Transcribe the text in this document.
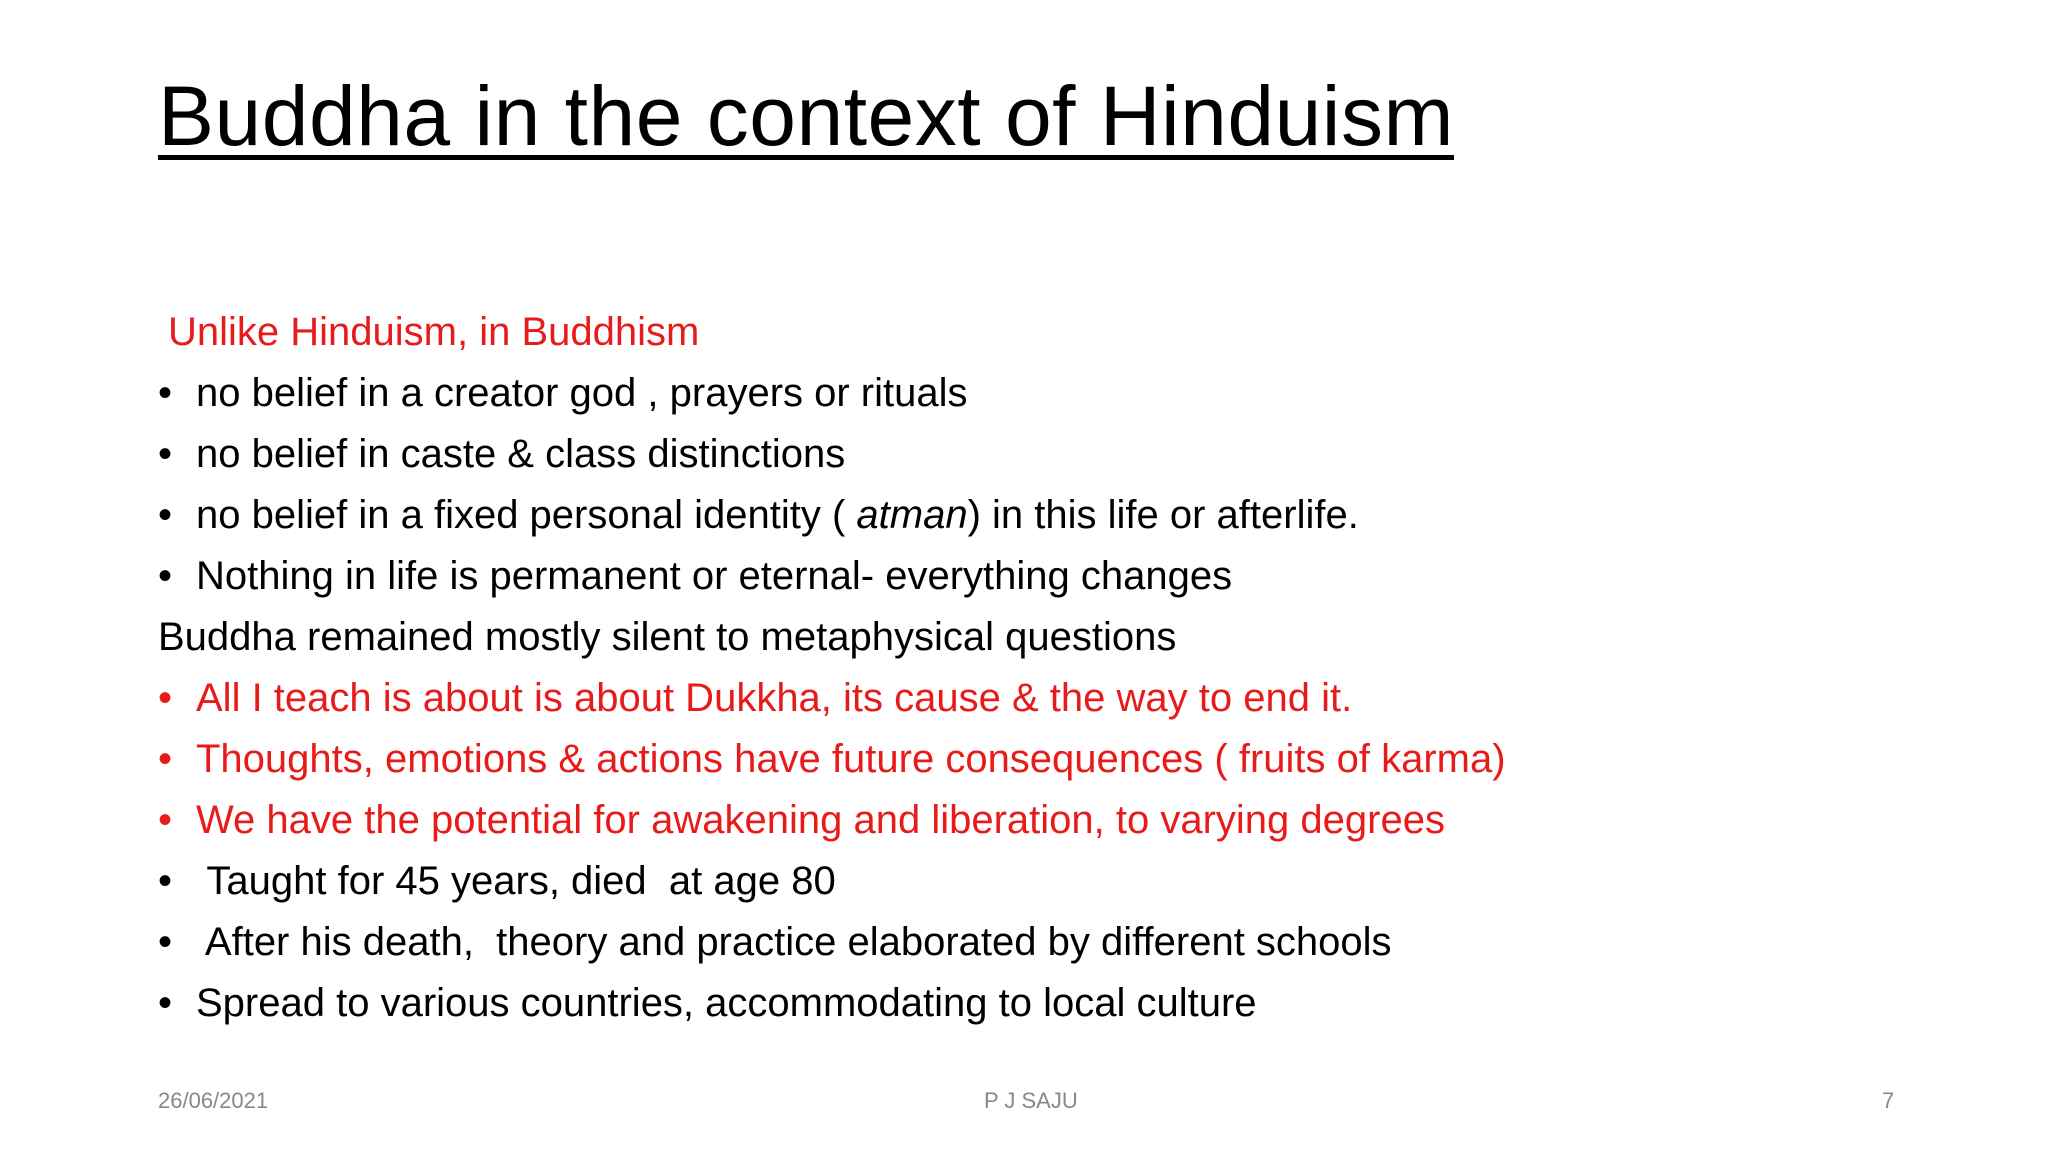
Buddha in the context of Hinduism
Unlike Hinduism, in Buddhism
• no belief in a creator god , prayers or rituals
• no belief in caste & class distinctions
• no belief in a fixed personal identity ( atman) in this life or afterlife.
• Nothing in life is permanent or eternal- everything changes
Buddha remained mostly silent to metaphysical questions
• All I teach is about is about Dukkha, its cause & the way to end it.
• Thoughts, emotions & actions have future consequences ( fruits of karma)
• We have the potential for awakening and liberation, to varying degrees
• Taught for 45 years, died  at age 80
• After his death,  theory and practice elaborated by different schools
• Spread to various countries, accommodating to local culture
26/06/2021	P J SAJU	7
